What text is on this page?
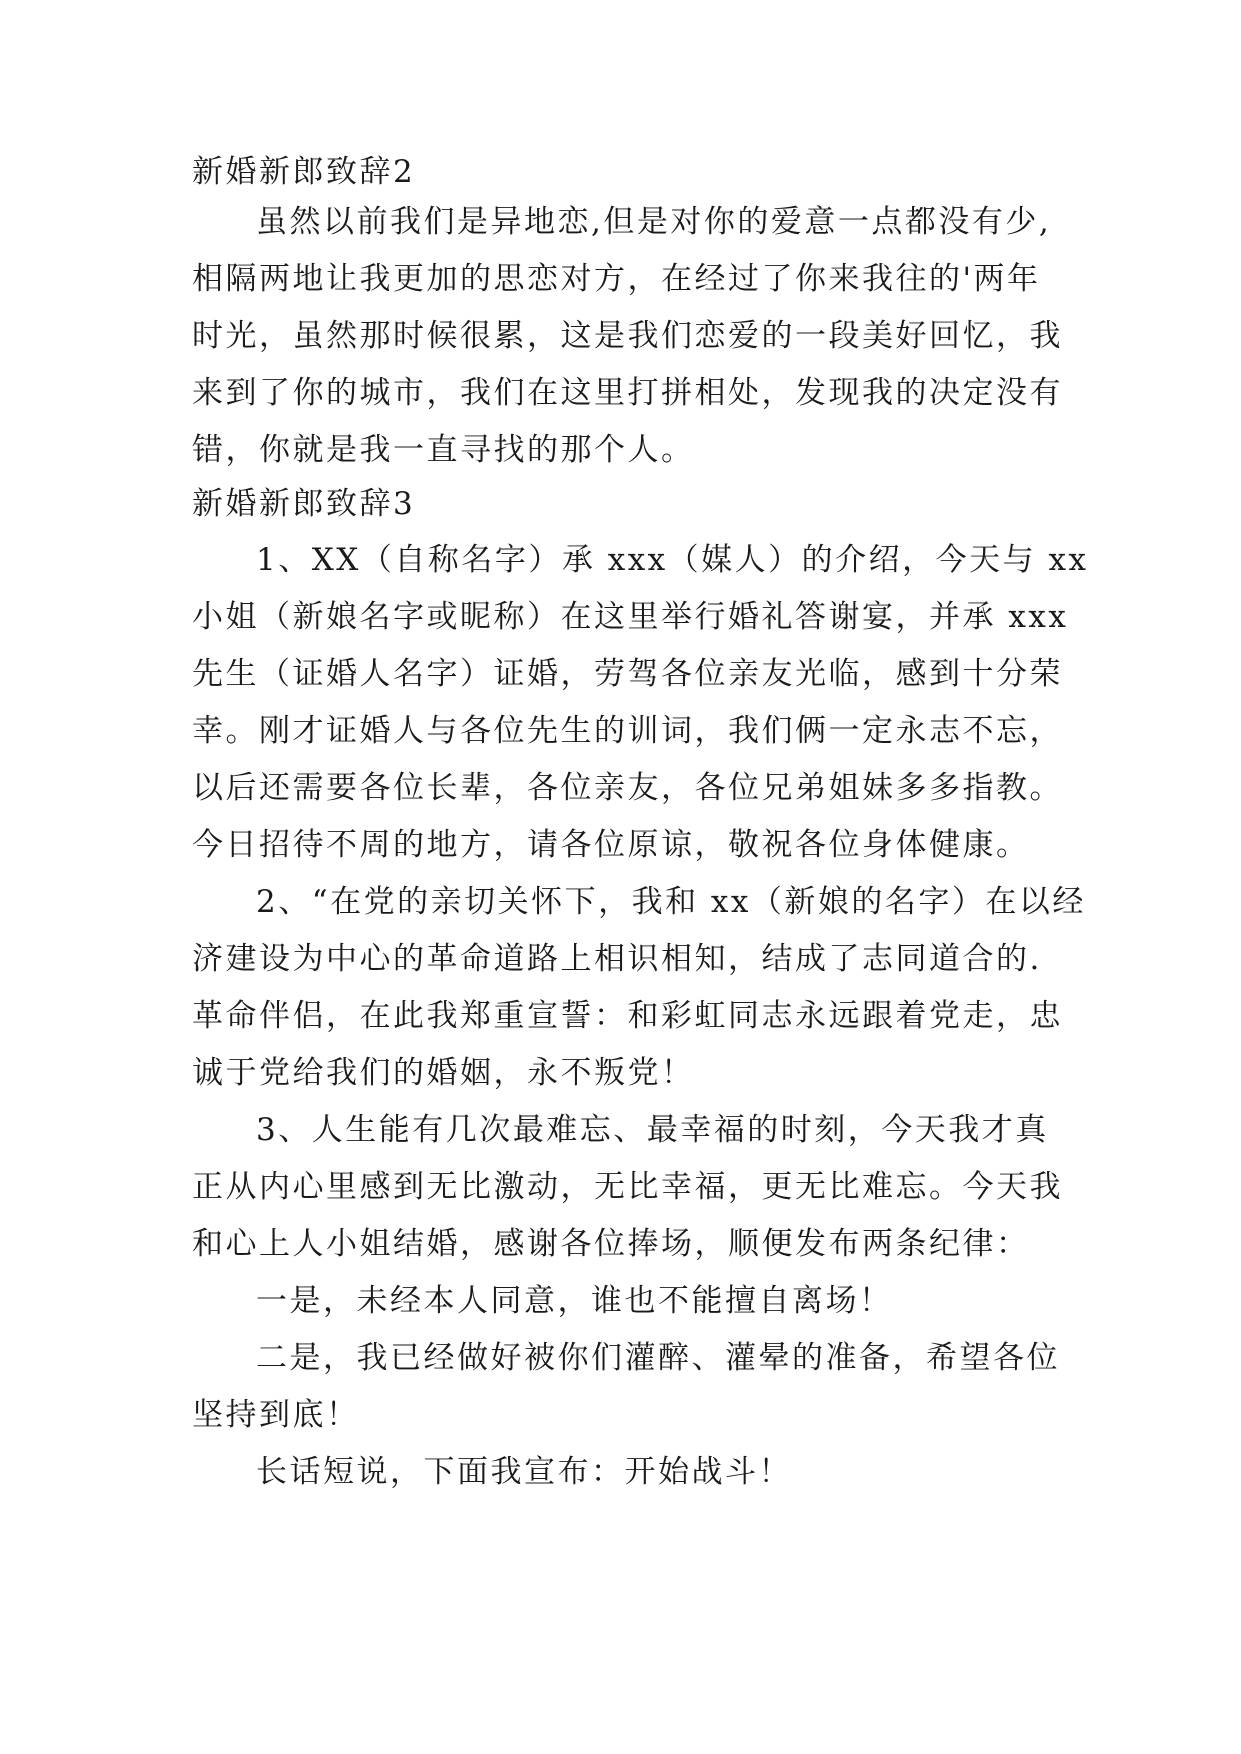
新婚新郎致辞2
虽然以前我们是异地恋,但是对你的爱意一点都没有少,
相隔两地让我更加的思恋对方，在经过了你来我往的'两年
时光，虽然那时候很累，这是我们恋爱的一段美好回忆，我
来到了你的城市，我们在这里打拼相处，发现我的决定没有
错，你就是我一直寻找的那个人。
新婚新郎致辞3
1、XX（自称名字）承 xxx（媒人）的介绍，今天与 xx
小姐（新娘名字或昵称）在这里举行婚礼答谢宴，并承 xxx
先生（证婚人名字）证婚，劳驾各位亲友光临，感到十分荣
幸。刚才证婚人与各位先生的训词，我们俩一定永志不忘，
以后还需要各位长辈，各位亲友，各位兄弟姐妹多多指教。
今日招待不周的地方，请各位原谅，敬祝各位身体健康。
2、“在党的亲切关怀下，我和 xx（新娘的名字）在以经
济建设为中心的革命道路上相识相知，结成了志同道合的.
革命伴侣，在此我郑重宣誓：和彩虹同志永远跟着党走，忠
诚于党给我们的婚姻，永不叛党！
3、人生能有几次最难忘、最幸福的时刻，今天我才真
正从内心里感到无比激动，无比幸福，更无比难忘。今天我
和心上人小姐结婚，感谢各位捧场，顺便发布两条纪律：
一是，未经本人同意，谁也不能擅自离场！
二是，我已经做好被你们灌醉、灌晕的准备，希望各位
坚持到底！
长话短说，下面我宣布：开始战斗！
